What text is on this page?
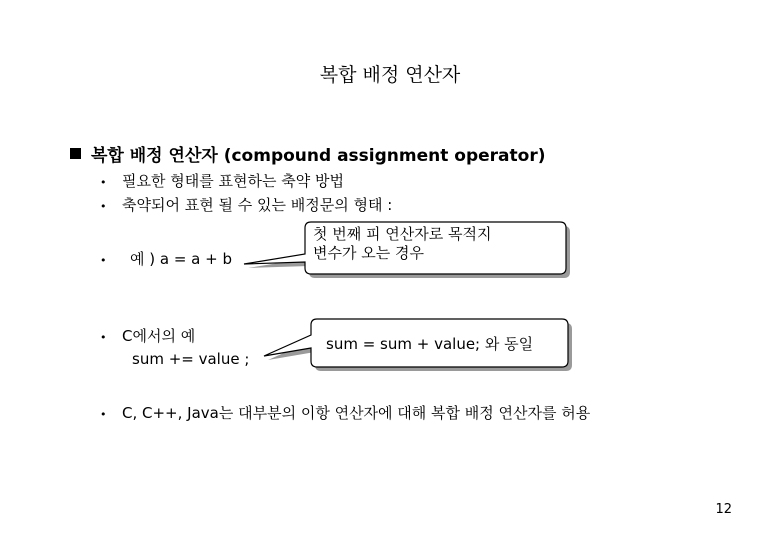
복합 배정 연산자
복합 배정 연산자 (compound assignment operator)
•	필요한 형태를 표현하는 축약 방법
•	축약되어 표현 될 수 있는 배정문의 형태 :
•	예 ) a = a + b
•	C에서의 예
sum += value ;
•	C, C++, Java는 대부분의 이항 연산자에 대해 복합 배정 연산자를 허용
첫 번째 피 연산자로 목적지
변수가 오는 경우
sum = sum + value; 와 동일
12
